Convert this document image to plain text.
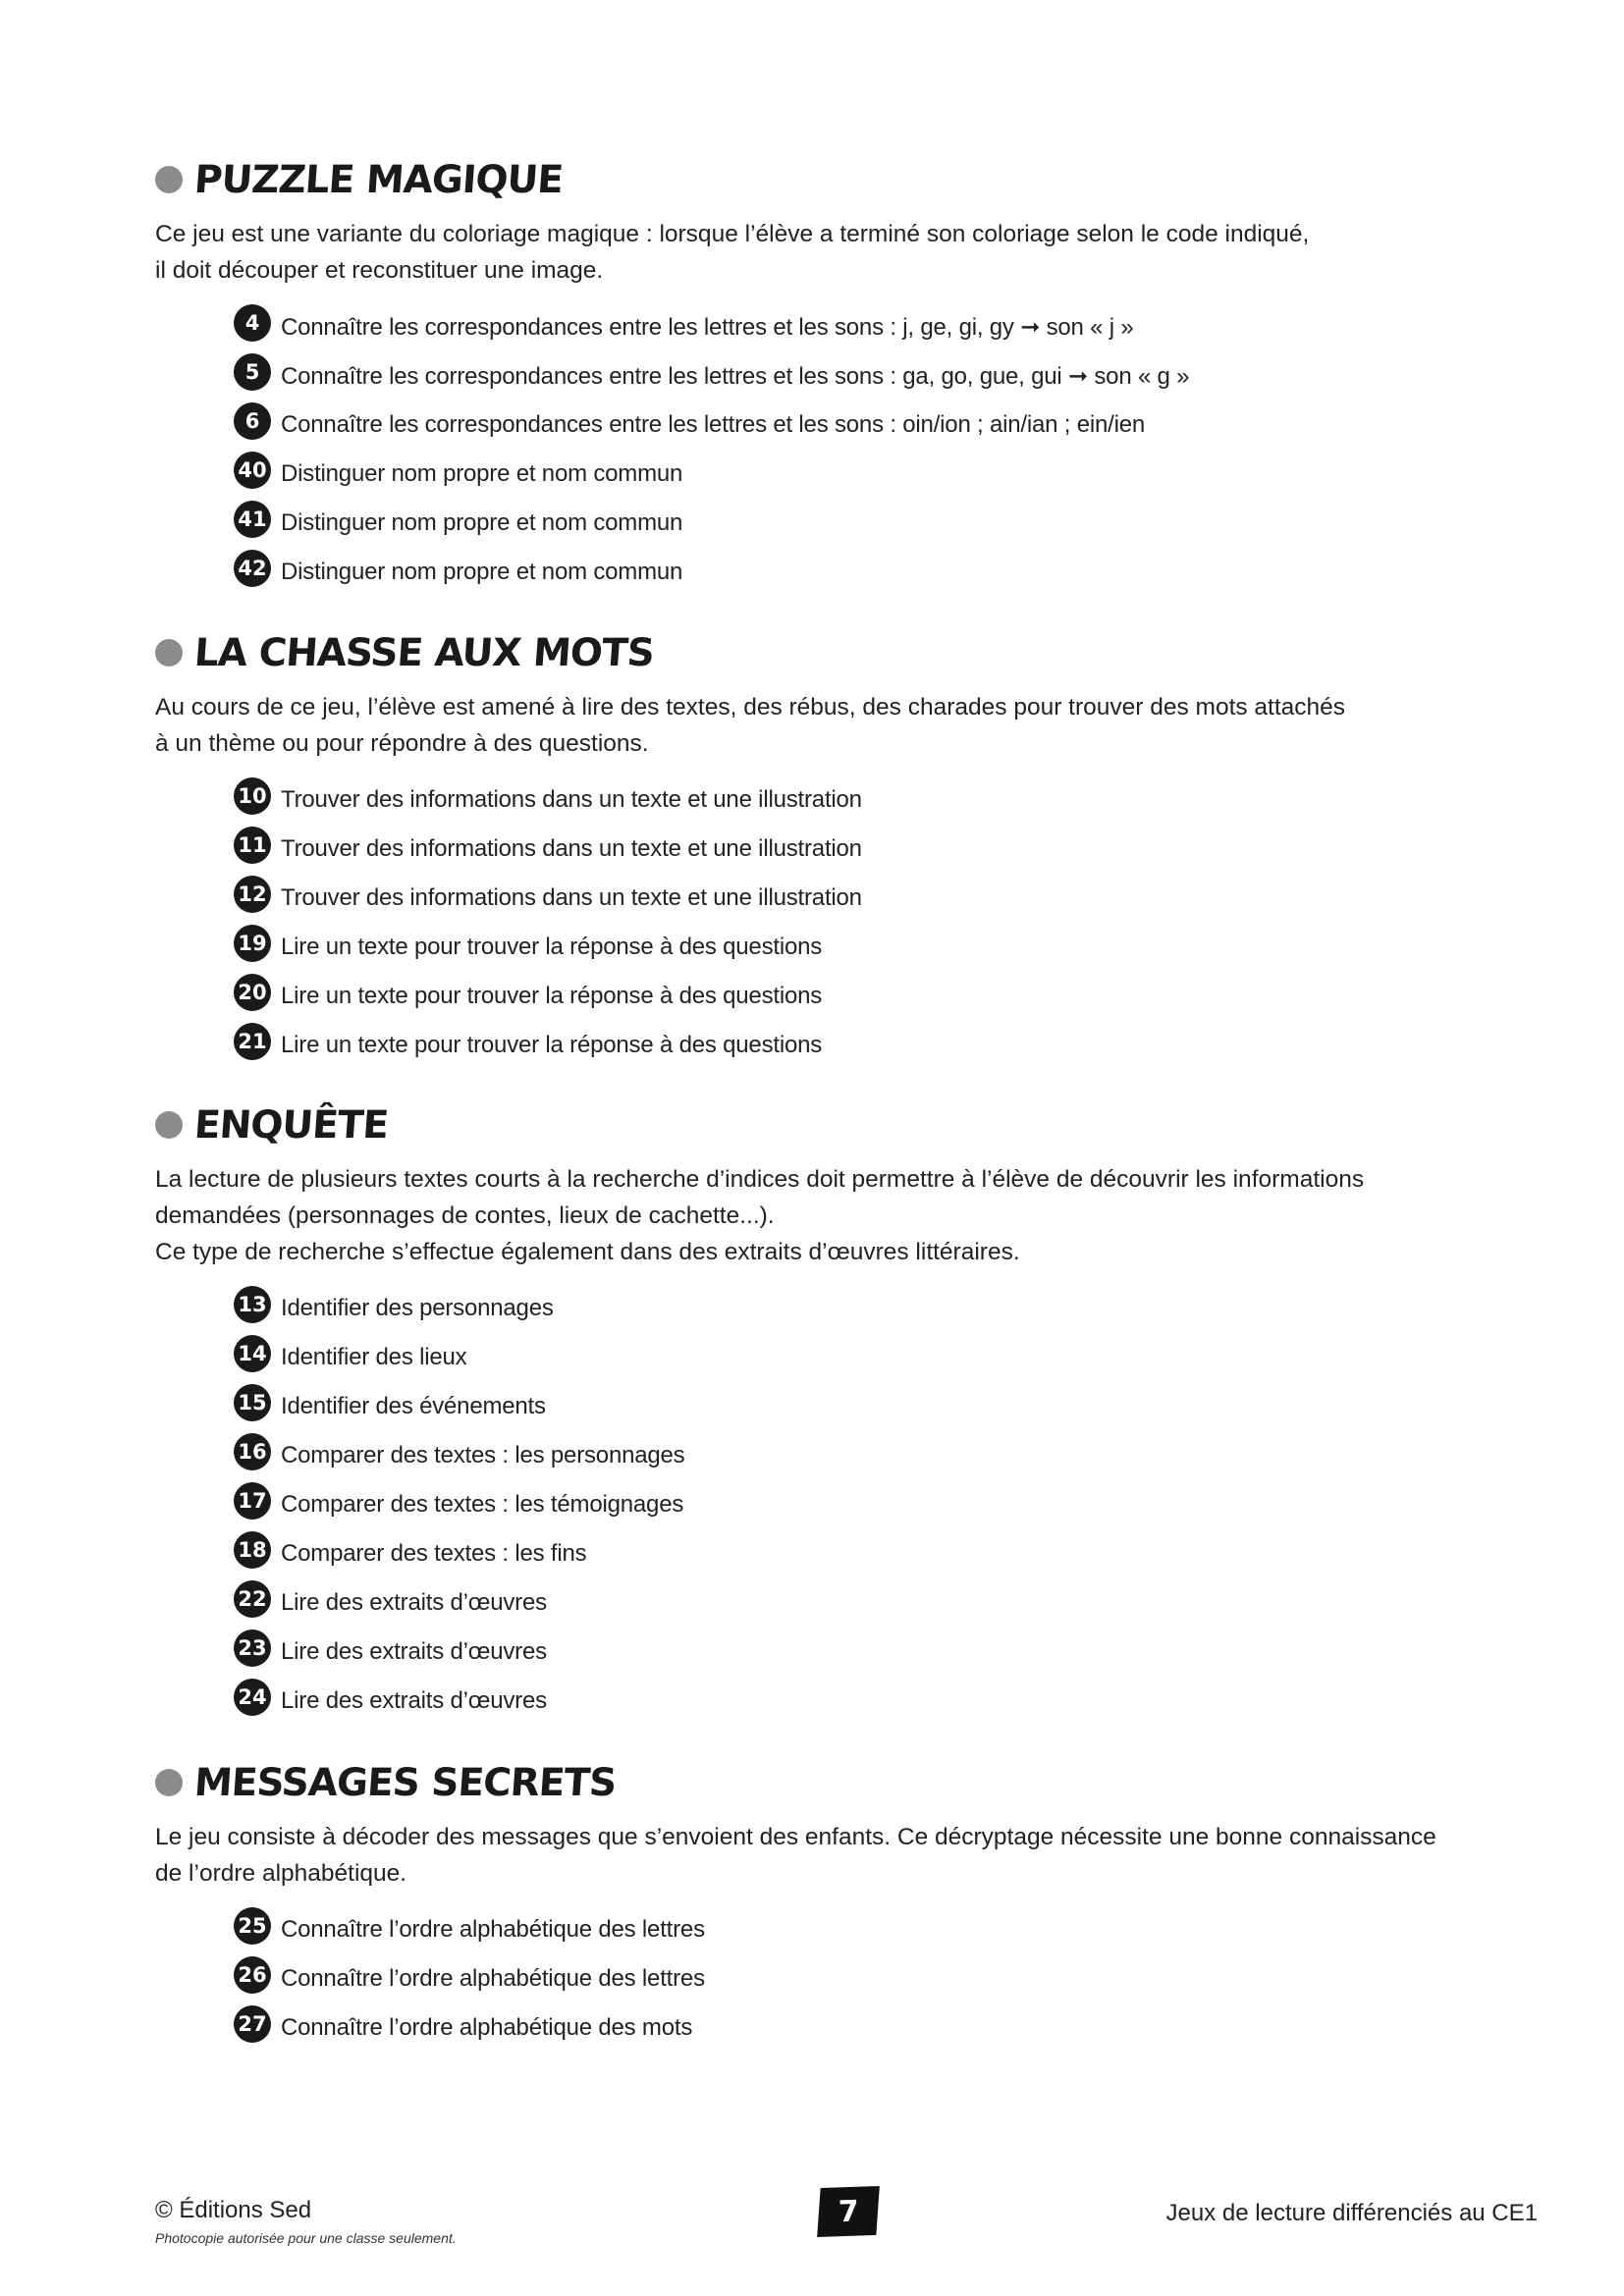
PUZZLE MAGIQUE

Ce jeu est une variante du coloriage magique : lorsque l’élève a terminé son coloriage selon le code indiqué,

il doit découper et reconstituer une image.

4 Connaître les correspondances entre les lettres et les sons : j, ge, gi, gy ➞ son « j »
5 Connaître les correspondances entre les lettres et les sons : ga, go, gue, gui ➞ son « g »
6 Connaître les correspondances entre les lettres et les sons : oin/ion ; ain/ian ; ein/ien
40 Distinguer nom propre et nom commun
41 Distinguer nom propre et nom commun
42 Distinguer nom propre et nom commun
LA CHASSE AUX MOTS

Au cours de ce jeu, l’élève est amené à lire des textes, des rébus, des charades pour trouver des mots attachés

à un thème ou pour répondre à des questions.

10 Trouver des informations dans un texte et une illustration
11 Trouver des informations dans un texte et une illustration
12 Trouver des informations dans un texte et une illustration
19 Lire un texte pour trouver la réponse à des questions
20 Lire un texte pour trouver la réponse à des questions
21 Lire un texte pour trouver la réponse à des questions
ENQUÊTE

La lecture de plusieurs textes courts à la recherche d’indices doit permettre à l’élève de découvrir les informations

demandées (personnages de contes, lieux de cachette...).

Ce type de recherche s’effectue également dans des extraits d’œuvres littéraires.

13 Identifier des personnages
14 Identifier des lieux
15 Identifier des événements
16 Comparer des textes : les personnages
17 Comparer des textes : les témoignages
18 Comparer des textes : les fins
22 Lire des extraits d’œuvres
23 Lire des extraits d’œuvres
24 Lire des extraits d’œuvres
MESSAGES SECRETS

Le jeu consiste à décoder des messages que s’envoient des enfants. Ce décryptage nécessite une bonne connaissance

de l’ordre alphabétique.

25 Connaître l’ordre alphabétique des lettres
26 Connaître l’ordre alphabétique des lettres
27 Connaître l’ordre alphabétique des mots
© Éditions Sed
Photocopie autorisée pour une classe seulement.
7	Jeux de lecture différenciés au CE1
